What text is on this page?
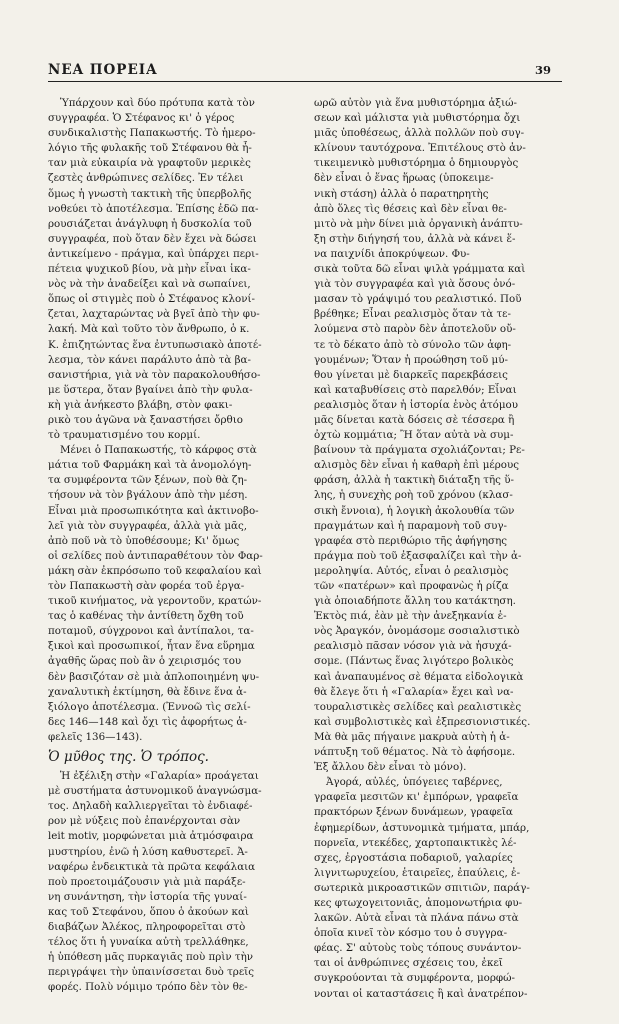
ΝΕΑ ΠΟΡΕΙΑ	39
Ὑπάρχουν καὶ δύο πρότυπα κατὰ τὸν
συγγραφέα. Ὁ Στέφανος κι' ὁ γέρος
συνδικαλιστὴς Παπακωστής. Τὸ ἡμερο-
λόγιο τῆς φυλακῆς τοῦ Στέφανου θὰ ἦ-
ταν μιὰ εὐκαιρία νὰ γραφτοῦν μερικὲς
ζεστὲς ἀνθρώπινες σελίδες. Ἐν τέλει
ὅμως ἡ γνωστὴ τακτικὴ τῆς ὑπερβολῆς
νοθεύει τὸ ἀποτέλεσμα. Ἐπίσης ἐδῶ πα-
ρουσιάζεται ἀνάγλυφη ἡ δυσκολία τοῦ
συγγραφέα, ποὺ ὅταν δὲν ἔχει νὰ δώσει
ἀντικείμενο - πράγμα, καὶ ὑπάρχει περι-
πέτεια ψυχικοῦ βίου, νὰ μὴν εἶναι ἱκα-
νὸς νὰ τὴν ἀναδείξει καὶ νὰ σωπαίνει,
ὅπως οἱ στιγμὲς ποὺ ὁ Στέφανος κλονί-
ζεται, λαχταρώντας νὰ βγεῖ ἀπὸ τὴν φυ-
λακή. Μὰ καὶ τοῦτο τὸν ἄνθρωπο, ὁ κ.
Κ. ἐπιζητώντας ἕνα ἐντυπωσιακὸ ἀποτέ-
λεσμα, τὸν κάνει παράλυτο ἀπὸ τὰ βα-
σανιστήρια, γιὰ νὰ τὸν παρακολουθήσο-
με ὕστερα, ὅταν βγαίνει ἀπὸ τὴν φυλα-
κὴ γιὰ ἀνήκεστο βλάβη, στὸν φακι-
ρικὸ του ἀγῶνα νὰ ξαναστήσει ὄρθιο
τὸ τραυματισμένο του κορμί.
Μένει ὁ Παπακωστής, τὸ κάρφος στὰ
μάτια τοῦ Φαρμάκη καὶ τὰ ἀνομολόγη-
τα συμφέροντα τῶν ξένων, ποὺ θὰ ζη-
τήσουν νὰ τὸν βγάλουν ἀπὸ τὴν μέση.
Εἶναι μιὰ προσωπικότητα καὶ ἀκτινοβο-
λεῖ γιὰ τὸν συγγραφέα, ἀλλὰ γιὰ μᾶς,
ἀπὸ ποῦ νὰ τὸ ὑποθέσουμε; Κι' ὅμως
οἱ σελίδες ποὺ ἀντιπαραθέτουν τὸν Φαρ-
μάκη σὰν ἐκπρόσωπο τοῦ κεφαλαίου καὶ
τὸν Παπακωστὴ σὰν φορέα τοῦ ἐργα-
τικοῦ κινήματος, νὰ γεροντοῦν, κρατών-
τας ὁ καθένας τὴν ἀντίθετη ὄχθη τοῦ
ποταμοῦ, σύγχρονοι καὶ ἀντίπαλοι, τα-
ξικοὶ καὶ προσωπικοί, ἦταν ἕνα εὕρημα
ἀγαθῆς ὥρας ποὺ ἂν ὁ χειρισμός του
δὲν βασιζόταν σὲ μιὰ ἁπλοποιημένη ψυ-
χαναλυτικὴ ἐκτίμηση, θὰ ἔδινε ἕνα ἀ-
ξιόλογο ἀποτέλεσμα. (Ἐννοῶ τὶς σελί-
δες 146—148 καὶ ὄχι τὶς ἀφορήτως ἀ-
φελεῖς 136—143).
Ὁ μῦθος της. Ὁ τρόπος.
Ἡ ἐξέλιξη στὴν «Γαλαρία» προάγεται
μὲ συστήματα ἀστυνομικοῦ ἀναγνώσμα-
τος. Δηλαδὴ καλλιεργεῖται τὸ ἐνδιαφέ-
ρον μὲ νύξεις ποὺ ἐπανέρχονται σὰν
leit motiv, μορφώνεται μιὰ ἀτμόσφαιρα
μυστηρίου, ἐνῶ ἡ λύση καθυστερεῖ. Ἀ-
ναφέρω ἐνδεικτικὰ τὰ πρῶτα κεφάλαια
ποὺ προετοιμάζουσιν γιὰ μιὰ παράξε-
νη συνάντηση, τὴν ἱστορία τῆς γυναί-
κας τοῦ Στεφάνου, ὅπου ὁ ἀκούων καὶ
διαβάζων Ἀλέκος, πληροφορεῖται στὸ
τέλος ὅτι ἡ γυναίκα αὐτὴ τρελλάθηκε,
ἡ ὑπόθεση μᾶς πυρκαγιᾶς ποὺ πρὶν τὴν
περιγράψει τὴν ὑπαινίσσεται δυὸ τρεῖς
φορές. Πολὺ νόμιμο τρόπο δὲν τὸν θε-
ωρῶ αὐτὸν γιὰ ἕνα μυθιστόρημα ἀξιώ-
σεων καὶ μάλιστα γιὰ μυθιστόρημα ὄχι
μιᾶς ὑποθέσεως, ἀλλὰ πολλῶν ποὺ συγ-
κλίνουν ταυτόχρονα. Ἐπιτέλους στὸ ἀν-
τικειμενικὸ μυθιστόρημα ὁ δημιουργὸς
δὲν εἶναι ὁ ἕνας ἥρωας (ὑποκειμε-
νικὴ στάση) ἀλλὰ ὁ παρατηρητὴς
ἀπὸ ὅλες τὶς θέσεις καὶ δὲν εἶναι θε-
μιτὸ νὰ μὴν δίνει μιὰ ὀργανικὴ ἀνάπτυ-
ξη στὴν διήγησή του, ἀλλὰ νὰ κάνει ἕ-
να παιχνίδι ἀποκρύψεων. Φυ-
σικὰ τοῦτα δῶ εἶναι ψιλὰ γράμματα καὶ
γιὰ τὸν συγγραφέα καὶ γιὰ ὅσους ὀνό-
μασαν τὸ γράψιμό του ρεαλιστικό. Ποῦ
βρέθηκε; Εἶναι ρεαλισμὸς ὅταν τὰ τε-
λούμενα στὸ παρὸν δὲν ἀποτελοῦν οὔ-
τε τὸ δέκατο ἀπὸ τὸ σύνολο τῶν ἀφη-
γουμένων; Ὅταν ἡ προώθηση τοῦ μύ-
θου γίνεται μὲ διαρκεῖς παρεκβάσεις
καὶ καταβυθίσεις στὸ παρελθόν; Εἶναι
ρεαλισμὸς ὅταν ἡ ἱστορία ἑνὸς ἀτόμου
μᾶς δίνεται κατὰ δόσεις σὲ τέσσερα ἢ
ὀχτὼ κομμάτια; Ἢ ὅταν αὐτὰ νὰ συμ-
βαίνουν τὰ πράγματα σχολιάζονται; Ρε-
αλισμὸς δὲν εἶναι ἡ καθαρὴ ἐπὶ μέρους
φράση, ἀλλὰ ἡ τακτικὴ διάταξη τῆς ὕ-
λης, ἡ συνεχὴς ροὴ τοῦ χρόνου (κλασ-
σικὴ ἔννοια), ἡ λογικὴ ἀκολουθία τῶν
πραγμάτων καὶ ἡ παραμονὴ τοῦ συγ-
γραφέα στὸ περιθώριο τῆς ἀφήγησης
πράγμα ποὺ τοῦ ἐξασφαλίζει καὶ τὴν ἀ-
μεροληψία. Αὐτός, εἶναι ὁ ρεαλισμὸς
τῶν «πατέρων» καὶ προφανὼς ἡ ρίζα
γιὰ ὁποιαδήποτε ἄλλη του κατάκτηση.
Ἐκτὸς πιά, ἐὰν μὲ τὴν ἀνεξηκανία ἑ-
νὸς Ἀραγκόν, ὀνομάσομε σοσιαλιστικὸ
ρεαλισμὸ πᾶσαν νόσον γιὰ νὰ ἡσυχά-
σομε. (Πάντως ἕνας λιγότερο βολικὸς
καὶ ἀναπαυμένος σὲ θέματα εἰδολογικὰ
θὰ ἔλεγε ὅτι ἡ «Γαλαρία» ἔχει καὶ να-
τουραλιστικὲς σελίδες καὶ ρεαλιστικὲς
καὶ συμβολιστικὲς καὶ ἐξπρεσιονιστικές.
Μὰ θὰ μᾶς πήγαινε μακρυὰ αὐτὴ ἡ ἀ-
νάπτυξη τοῦ θέματος. Νὰ τὸ ἀφήσομε.
Ἐξ ἄλλου δὲν εἶναι τὸ μόνο).
Ἀγορά, αὐλές, ὑπόγειες ταβέρνες,
γραφεῖα μεσιτῶν κι' ἐμπόρων, γραφεῖα
πρακτόρων ξένων δυνάμεων, γραφεῖα
ἐφημερίδων, ἀστυνομικὰ τμήματα, μπάρ,
πορνεῖα, ντεκέδες, χαρτοπαικτικὲς λέ-
σχες, ἐργοστάσια ποδαριοῦ, γαλαρίες
λιγνιτωρυχείου, ἑταιρεῖες, ἐπαύλεις, ἐ-
σωτερικὰ μικροαστικῶν σπιτιῶν, παράγ-
κες φτωχογειτονιᾶς, ἀπομονωτήρια φυ-
λακῶν. Αὐτὰ εἶναι τὰ πλάνα πάνω στὰ
ὁποῖα κινεῖ τὸν κόσμο του ὁ συγγρα-
φέας. Σ' αὐτοὺς τοὺς τόπους συνάντον-
ται οἱ ἀνθρώπινες σχέσεις του, ἐκεῖ
συγκρούονται τὰ συμφέροντα, μορφώ-
νονται οἱ καταστάσεις ἢ καὶ ἀνατρέπον-
